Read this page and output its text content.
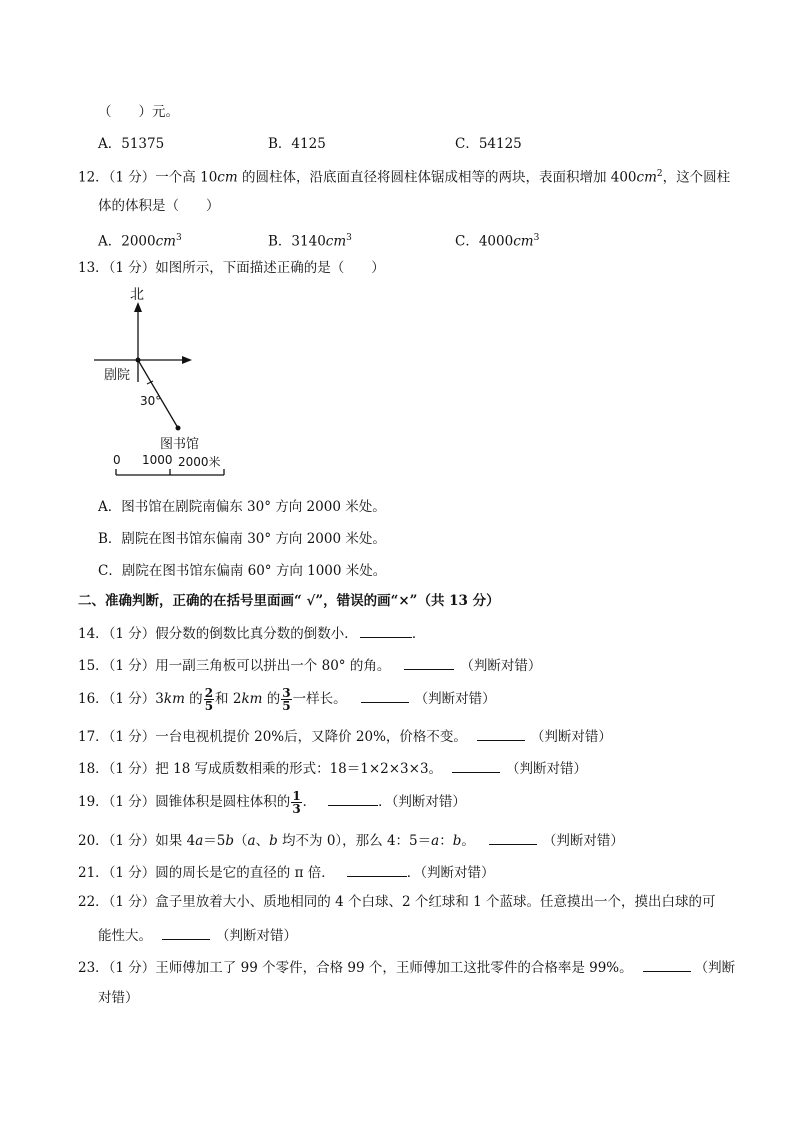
（　　）元。
A．51375	B．4125	C．54125
12．（1 分）一个高 10cm 的圆柱体，沿底面直径将圆柱体锯成相等的两块，表面积增加 $400cm^2$，这个圆柱
体的体积是（　　）
A．$2000cm^3$	B．$3140cm^3$	C．$4000cm^3$
13．（1 分）如图所示，下面描述正确的是（　　）
北
剧院
30°
图书馆
0 1000 2000米
A．图书馆在剧院南偏东 30° 方向 2000 米处。
B．剧院在图书馆东偏南 30° 方向 2000 米处。
C．剧院在图书馆东偏南 60° 方向 1000 米处。
二、准确判断，正确的在括号里面画“ √”，错误的画“×”（共 13 分）
14．（1 分）假分数的倒数比真分数的倒数小．	．
15．（1 分）用一副三角板可以拼出一个 80° 的角。	（判断对错）
16．（1 分）3km 的 $\frac{2}{5}$ 和 2km 的 $\frac{3}{5}$ 一样长。	（判断对错）
17．（1 分）一台电视机提价 20%后，又降价 20%，价格不变。	（判断对错）
18．（1 分）把 18 写成质数相乘的形式：18＝1×2×3×3。	（判断对错）
19．（1 分）圆锥体积是圆柱体积的 $\frac{1}{3}$ ．	．（判断对错）
20．（1 分）如果 4a＝5b（a、b 均不为 0），那么 4：5＝a：b。	（判断对错）
21．（1 分）圆的周长是它的直径的 π 倍．	．（判断对错）
22．（1 分）盒子里放着大小、质地相同的 4 个白球、2 个红球和 1 个蓝球。任意摸出一个，摸出白球的可
能性大。	（判断对错）
23．（1 分）王师傅加工了 99 个零件，合格 99 个，王师傅加工这批零件的合格率是 99%。	（判断
对错）
